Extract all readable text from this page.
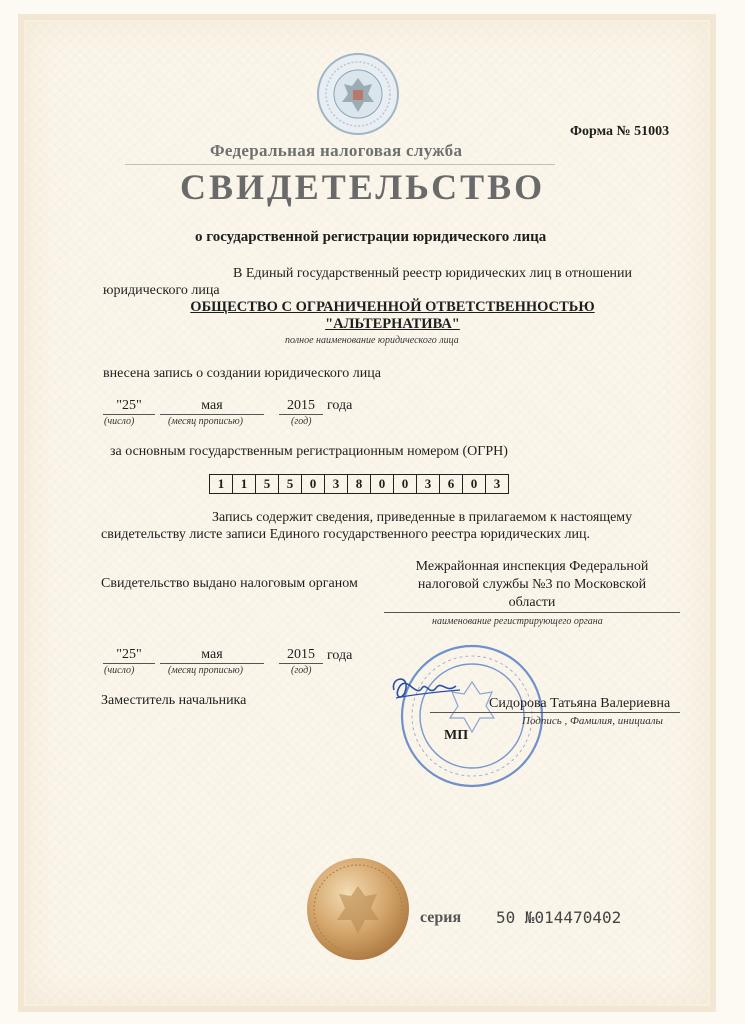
Форма № 51003
Федеральная налоговая служба
СВИДЕТЕЛЬСТВО
о государственной регистрации юридического лица
В Единый государственный реестр юридических лиц в отношении
юридического лица
ОБЩЕСТВО С ОГРАНИЧЕННОЙ ОТВЕТСТВЕННОСТЬЮ
"АЛЬТЕРНАТИВА"
полное наименование юридического лица
внесена запись о создании юридического лица
"25"	мая	2015 года
(число)	(месяц прописью)	(год)
за основным государственным регистрационным номером (ОГРН)
1	1	5	5	0	3	8	0	0	3	6	0	3
Запись содержит сведения, приведенные в прилагаемом к настоящему
свидетельству листе записи Единого государственного реестра юридических лиц.
Свидетельство выдано налоговым органом
Межрайонная инспекция Федеральной
налоговой службы №3 по Московской
области
наименование регистрирующего органа
"25"	мая	2015 года
(число)	(месяц прописью)	(год)
Заместитель начальника	Сидорова Татьяна Валериевна
Подпись , Фамилия, инициалы
МП
серия 50 №014470402
